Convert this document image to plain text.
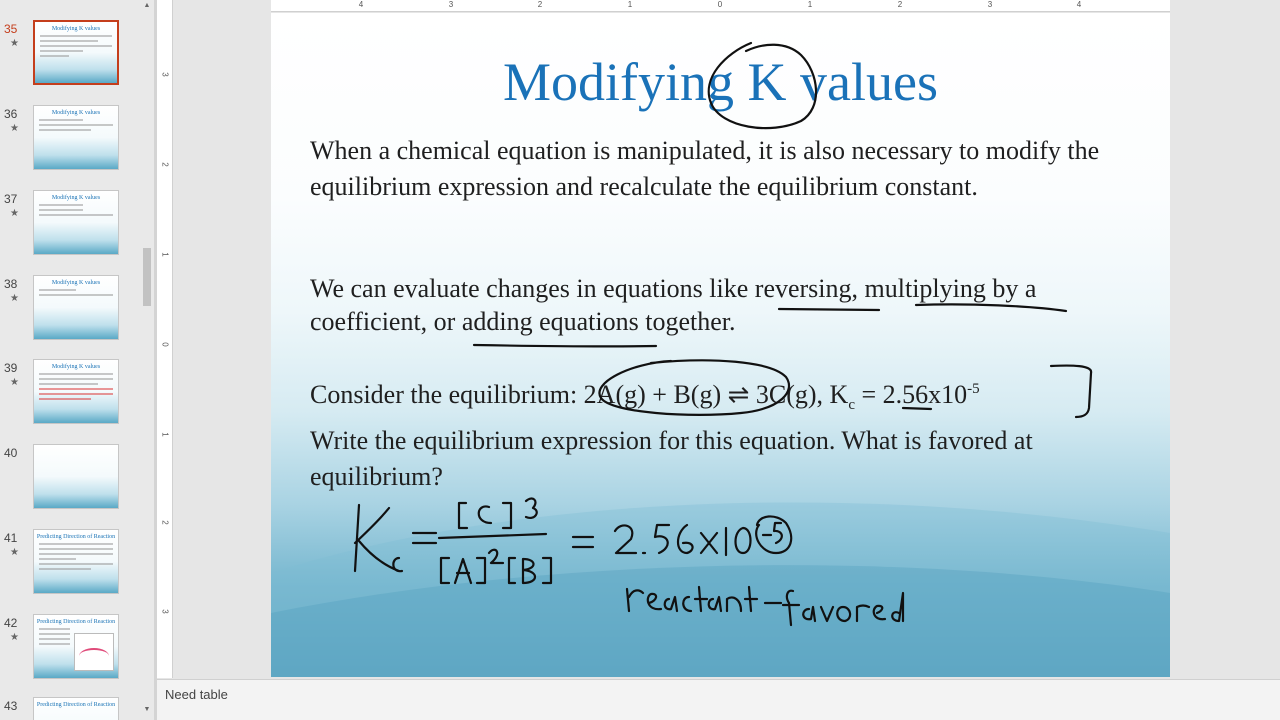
35
★
Modifying K values
36
★
Modifying K values
37
★
Modifying K values
38
★
Modifying K values
39
★
Modifying K values
40
41
★
Predicting Direction of Reaction
42
★
Predicting Direction of Reaction
43	Predicting Direction of Reaction
▲
▼
3
2
1
0
1
2
3
4	3	2	1	0	1	2	3	4
Modifying K values
When a chemical equation is manipulated, it is also necessary to modify the equilibrium expression and recalculate the equilibrium constant.
We can evaluate changes in equations like reversing, multiplying by a coefficient, or adding equations together.
Consider the equilibrium: 2A(g) + B(g) ⇌ 3C(g), $K_c = 2.56x10^{-5}$
Write the equilibrium expression for this equation. What is favored at equilibrium?
Need table
